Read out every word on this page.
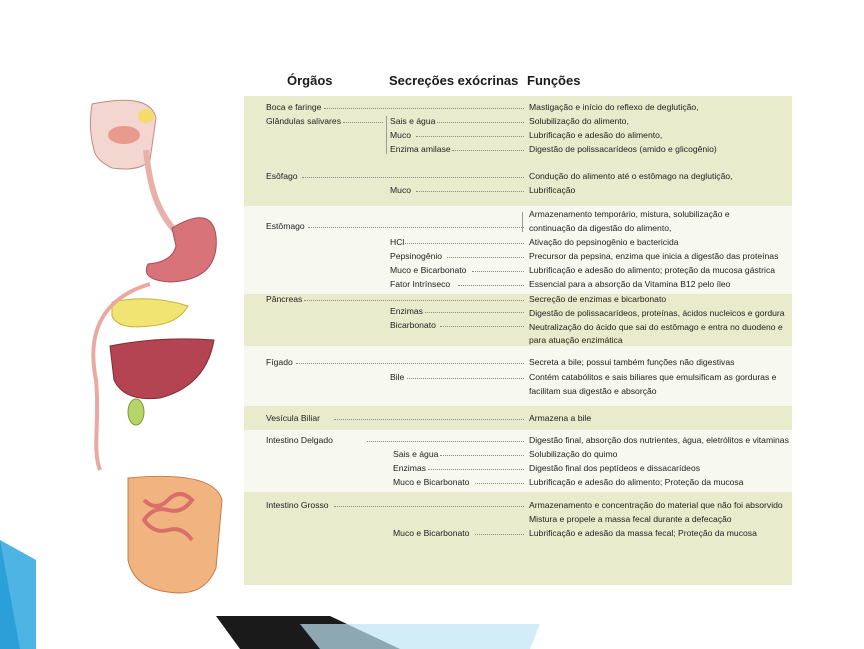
Órgãos	Secreções exócrinas Funções
Boca e faringe
Glândulas salivares
Esôfago
Estômago
Pâncreas
Fígado
Vesícula Biliar
Intestino Delgado
Intestino Grosso
Sais e água
Muco
Enzima amilase
Muco
HCl
Pepsinogênio
Muco e Bicarbonato
Fator Intrínseco
Enzimas
Bicarbonato
Bile
Sais e água
Enzimas
Muco e Bicarbonato
Muco e Bicarbonato
Mastigação e início do reflexo de deglutição,
Solubilização do alimento,
Lubrificação e adesão do alimento,
Digestão de polissacarídeos (amido e glicogênio)
Condução do alimento até o estômago na deglutição,
Lubrificação
Armazenamento temporário, mistura, solubilização e
continuação da digestão do alimento,
Ativação do pepsinogênio e bactericida
Precursor da pepsina, enzima que inicia a digestão das proteínas
Lubrificação e adesão do alimento; proteção da mucosa gástrica
Essencial para a absorção da Vitamina B12 pelo íleo
Secreção de enzimas e bicarbonato
Digestão de polissacarídeos, proteínas, ácidos nucleicos e gordura
Neutralização do ácido que sai do estômago e entra no duodeno e
para atuação enzimática
Secreta a bile; possui também funções não digestivas
Contém catabólitos e sais biliares que emulsificam as gorduras e
facilitam sua digestão e absorção
Armazena a bile
Digestão final, absorção dos nutrientes, água, eletrólitos e vitaminas
Solubilização do quimo
Digestão final dos peptídeos e dissacarídeos
Lubrificação e adesão do alimento; Proteção da mucosa
Armazenamento e concentração do material que não foi absorvido
Mistura e propele a massa fecal durante a defecação
Lubrificação e adesão da massa fecal; Proteção da mucosa
